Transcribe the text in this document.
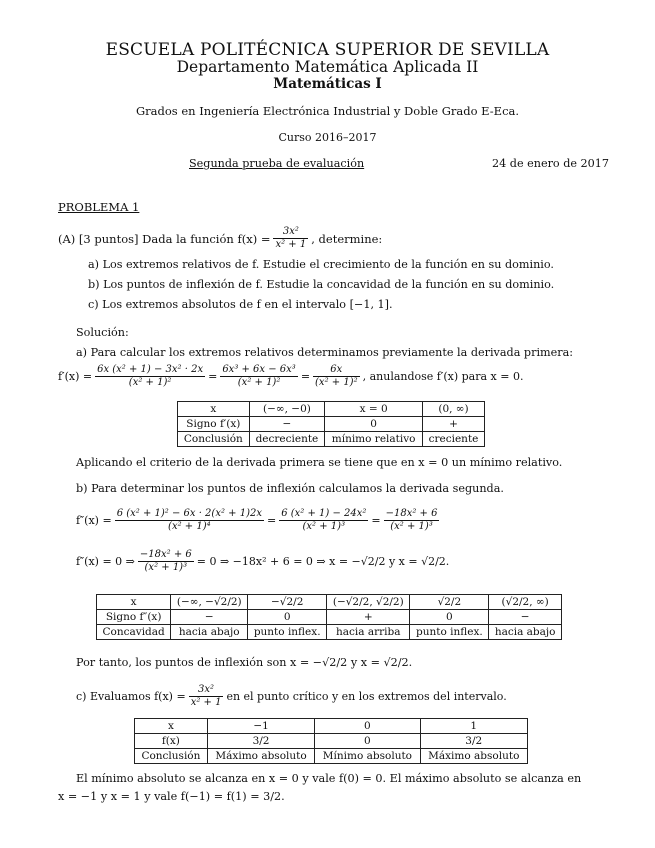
ESCUELA POLITÉCNICA SUPERIOR DE SEVILLA
Departamento Matemática Aplicada II
Matemáticas I
Grados en Ingeniería Electrónica Industrial y Doble Grado E-Eca.
Curso 2016–2017
Segunda prueba de evaluación	24 de enero de 2017
PROBLEMA 1
(A) [3 puntos] Dada la función $f(x) = \frac{\text{3x²}}{\text{x² + 1}}$ , determine:
a) Los extremos relativos de f. Estudie el crecimiento de la función en su dominio.
b) Los puntos de inflexión de f. Estudie la concavidad de la función en su dominio.
c) Los extremos absolutos de f en el intervalo [−1, 1].
Solución:
a) Para calcular los extremos relativos determinamos previamente la derivada primera:
$f'(x) = \frac{\text{6x (x² + 1) − 3x² · 2x}}{\text{(x² + 1)²}} = \frac{\text{6x³ + 6x − 6x³}}{\text{(x² + 1)²}} = \frac{6x}{\text{(x² + 1)²}}$ , anulandose f′(x) para x = 0.
x	(−∞, −0)	x = 0	(0, ∞)
Signo f′(x)	−	0	+
Conclusión	decreciente	mínimo relativo	creciente
Aplicando el criterio de la derivada primera se tiene que en x = 0 un mínimo relativo.
b) Para determinar los puntos de inflexión calculamos la derivada segunda.
$f''(x) = \frac{\text{6 (x² + 1)² − 6x · 2(x² + 1)2x}}{\text{(x² + 1)⁴}} = \frac{\text{6 (x² + 1) − 24x²}}{\text{(x² + 1)³}} = \frac{\text{−18x² + 6}}{\text{(x² + 1)³}}$
f″(x) = 0 ⇒ $\frac{\text{−18x² + 6}}{\text{(x² + 1)³}} = 0$ ⇒ −18x² + 6 = 0 ⇒ x = −√2/2 y x = √2/2.
x	(−∞, −√2/2)	−√2/2	(−√2/2, √2/2)	√2/2	(√2/2, ∞)
Signo f″(x)	−	0	+	0	−
Concavidad	hacia abajo	punto inflex.	hacia arriba	punto inflex.	hacia abajo
Por tanto, los puntos de inflexión son x = −√2/2 y x = √2/2.
c) Evaluamos $f(x) = \frac{\text{3x²}}{\text{x² + 1}}$ en el punto crítico y en los extremos del intervalo.
x	−1	0	1
f(x)	3/2	0	3/2
Conclusión	Máximo absoluto	Mínimo absoluto	Máximo absoluto
El mínimo absoluto se alcanza en x = 0 y vale f(0) = 0. El máximo absoluto se alcanza en
x = −1 y x = 1 y vale f(−1) = f(1) = 3/2.
